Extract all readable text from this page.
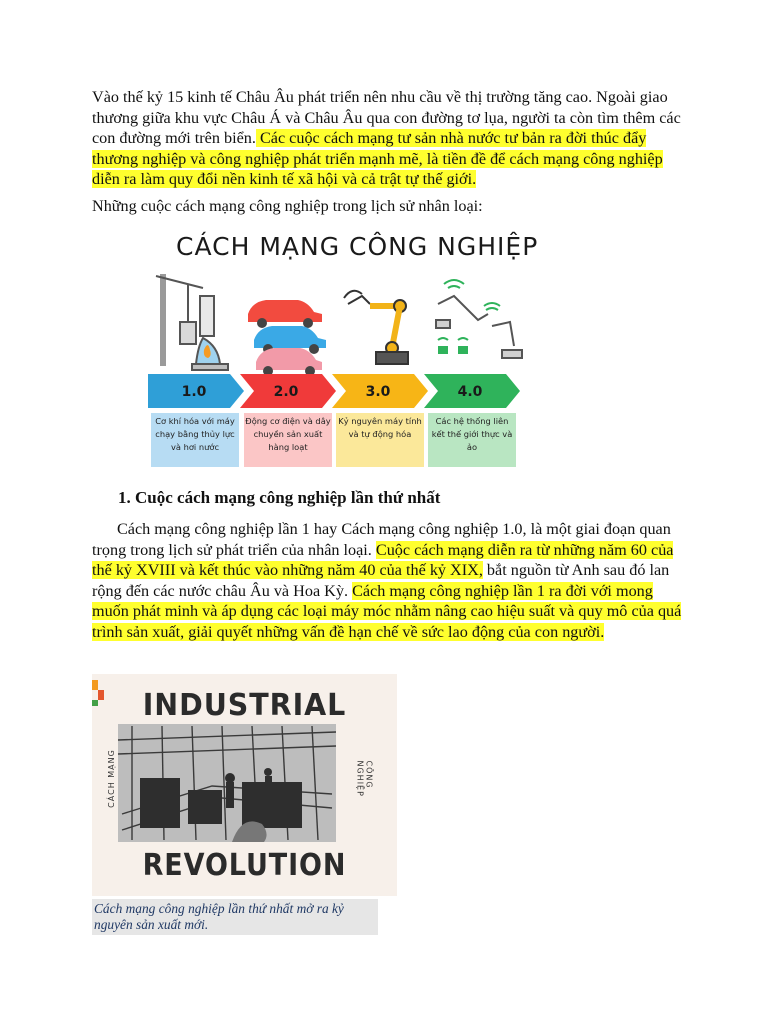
Vào thế kỷ 15 kinh tế Châu Âu phát triển nên nhu cầu về thị trường tăng cao. Ngoài giao thương giữa khu vực Châu Á và Châu Âu qua con đường tơ lụa, người ta còn tìm thêm các con đường mới trên biển. Các cuộc cách mạng tư sản nhà nước tư bản ra đời thúc đẩy thương nghiệp và công nghiệp phát triển mạnh mẽ, là tiền đề để cách mạng công nghiệp diễn ra làm quy đổi nền kinh tế xã hội và cả trật tự thế giới.

Những cuộc cách mạng công nghiệp trong lịch sử nhân loại:

CÁCH MẠNG CÔNG NGHIỆP
1.0	2.0	3.0	4.0
Cơ khí hóa với máy chạy bằng thủy lực và hơi nước
Động cơ điện và dây chuyền sản xuất hàng loạt
Kỷ nguyên máy tính và tự động hóa
Các hệ thống liên kết thế giới thực và ảo
1. Cuộc cách mạng công nghiệp lần thứ nhất

Cách mạng công nghiệp lần 1 hay Cách mạng công nghiệp 1.0, là một giai đoạn quan trọng trong lịch sử phát triển của nhân loại. Cuộc cách mạng diễn ra từ những năm 60 của thế kỷ XVIII và kết thúc vào những năm 40 của thế kỷ XIX, bắt nguồn từ Anh sau đó lan rộng đến các nước châu Âu và Hoa Kỳ. Cách mạng công nghiệp lần 1 ra đời với mong muốn phát minh và áp dụng các loại máy móc nhằm nâng cao hiệu suất và quy mô của quá trình sản xuất, giải quyết những vấn đề hạn chế về sức lao động của con người.

INDUSTRIAL
REVOLUTION
CÁCH MẠNG	CÔNG NGHIỆP
Cách mạng công nghiệp lần thứ nhất mở ra kỷ nguyên sản xuất mới.
